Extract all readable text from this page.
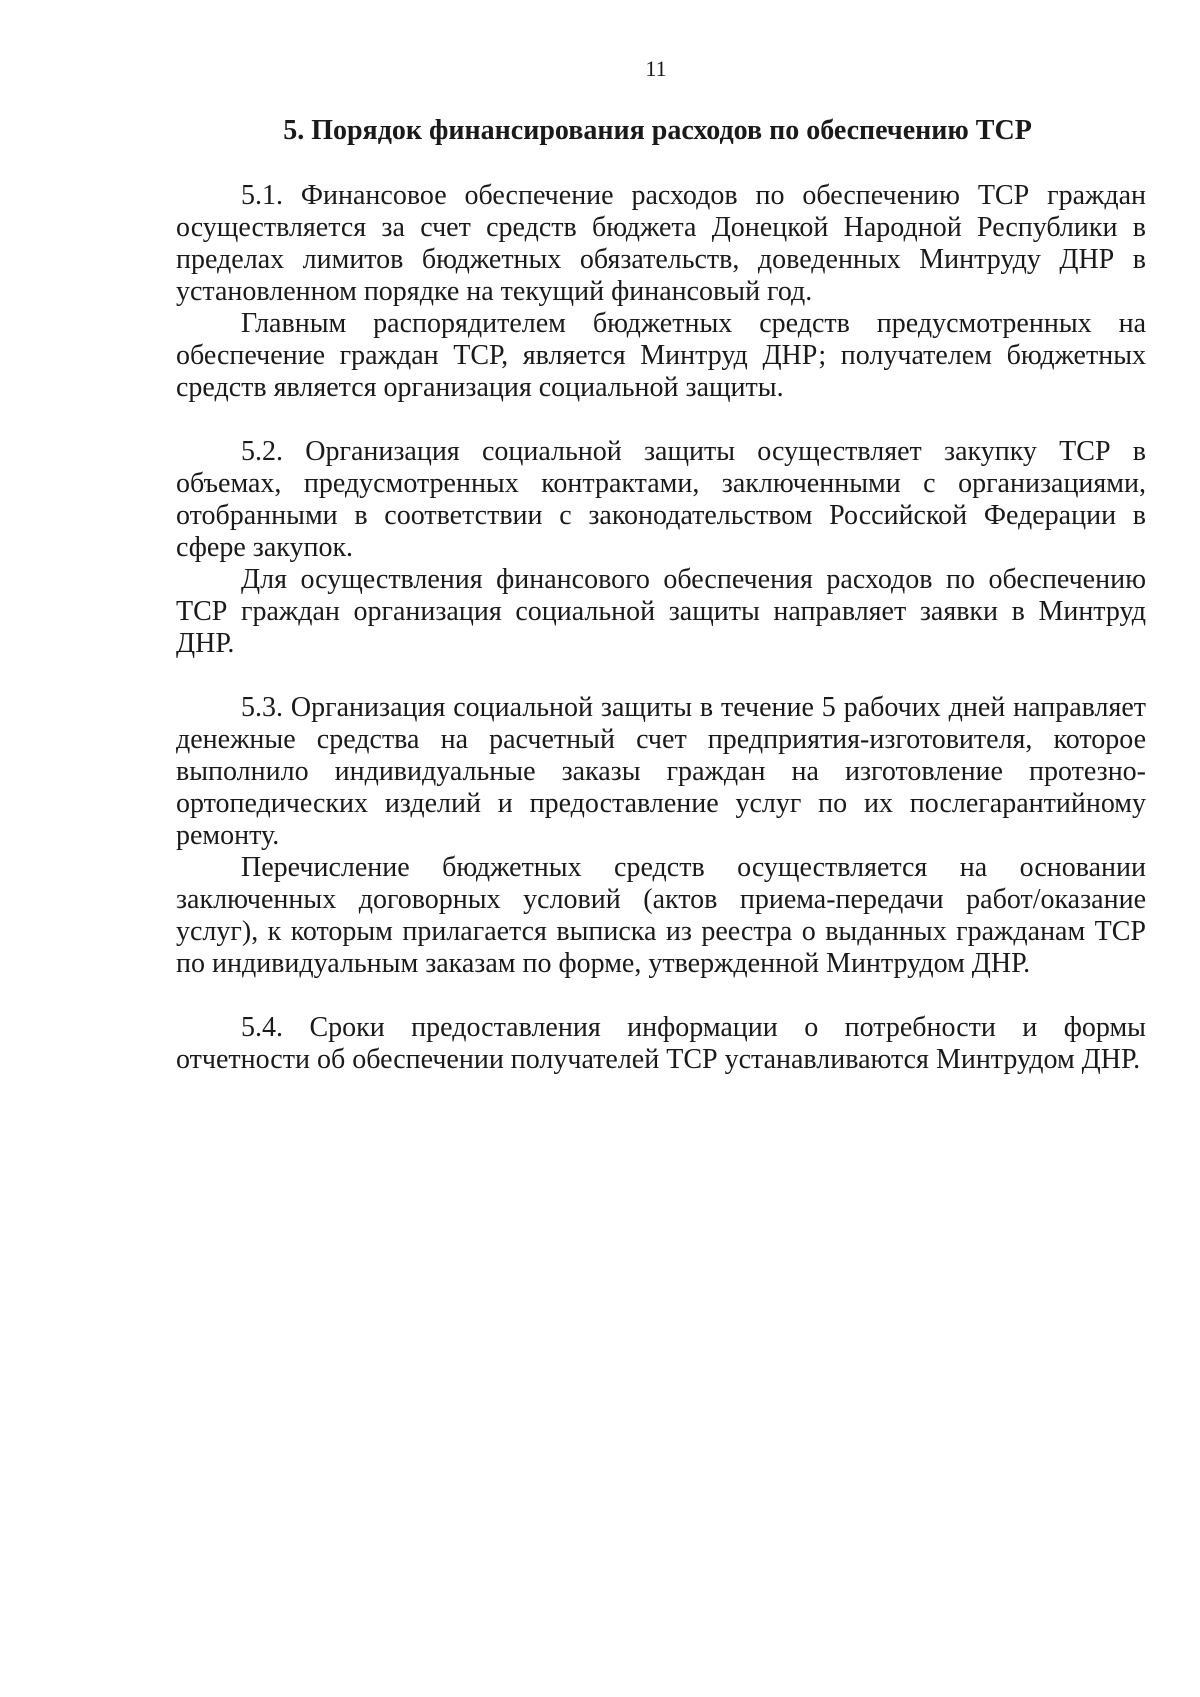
11
5. Порядок финансирования расходов по обеспечению ТСР

5.1. Финансовое обеспечение расходов по обеспечению ТСР граждан осуществляется за счет средств бюджета Донецкой Народной Республики в пределах лимитов бюджетных обязательств, доведенных Минтруду ДНР в установленном порядке на текущий финансовый год.

Главным распорядителем бюджетных средств предусмотренных на обеспечение граждан ТСР, является Минтруд ДНР; получателем бюджетных средств является организация социальной защиты.

5.2. Организация социальной защиты осуществляет закупку ТСР в объемах, предусмотренных контрактами, заключенными с организациями, отобранными в соответствии с законодательством Российской Федерации в сфере закупок.

Для осуществления финансового обеспечения расходов по обеспечению ТСР граждан организация социальной защиты направляет заявки в Минтруд ДНР.

5.3. Организация социальной защиты в течение 5 рабочих дней направляет денежные средства на расчетный счет предприятия-изготовителя, которое выполнило индивидуальные заказы граждан на изготовление протезно-ортопедических изделий и предоставление услуг по их послегарантийному ремонту.

Перечисление бюджетных средств осуществляется на основании заключенных договорных условий (актов приема-передачи работ/оказание услуг), к которым прилагается выписка из реестра о выданных гражданам ТСР по индивидуальным заказам по форме, утвержденной Минтрудом ДНР.

5.4. Сроки предоставления информации о потребности и формы отчетности об обеспечении получателей ТСР устанавливаются Минтрудом ДНР.
